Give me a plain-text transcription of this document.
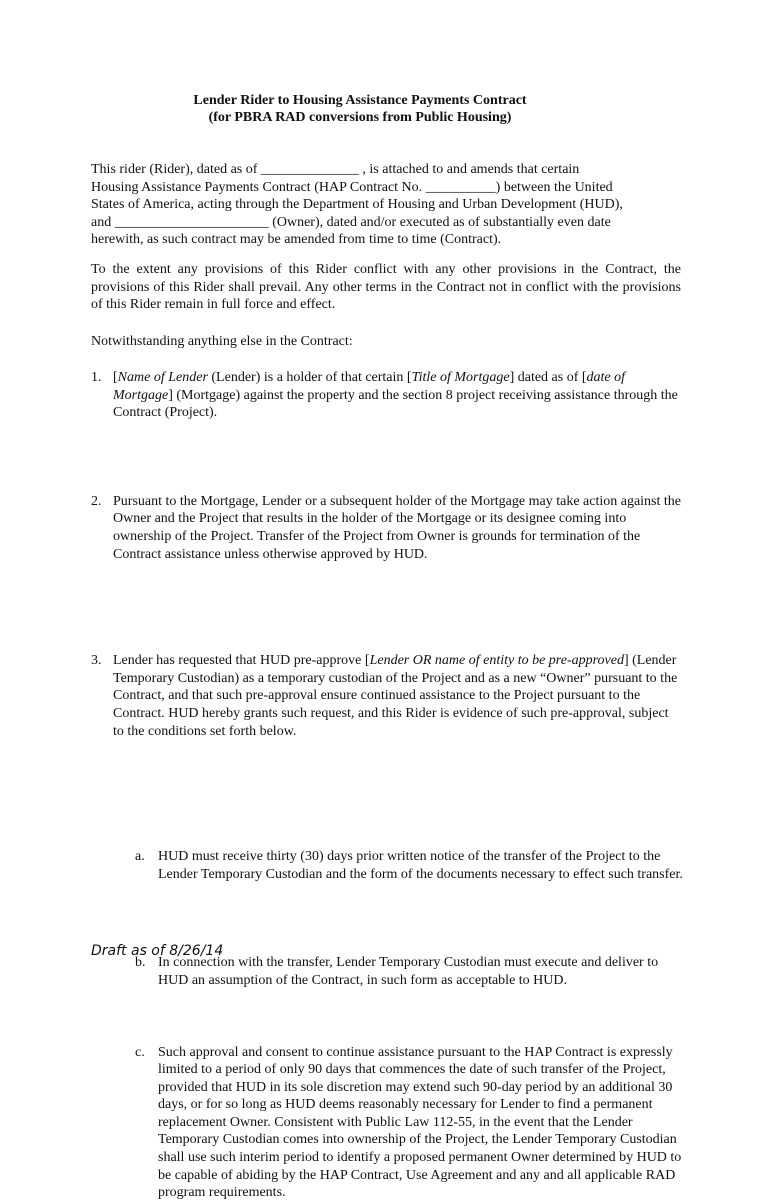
Lender Rider to Housing Assistance Payments Contract
(for PBRA RAD conversions from Public Housing)
This rider (Rider), dated as of ______________ , is attached to and amends that certain
Housing Assistance Payments Contract (HAP Contract No. __________) between the United
States of America, acting through the Department of Housing and Urban Development (HUD),
and ______________________ (Owner), dated and/or executed as of substantially even date
herewith, as such contract may be amended from time to time (Contract).

To the extent any provisions of this Rider conflict with any other provisions in the Contract, the provisions of this Rider shall prevail. Any other terms in the Contract not in conflict with the provisions of this Rider remain in full force and effect.

Notwithstanding anything else in the Contract:

1. [Name of Lender (Lender) is a holder of that certain [Title of Mortgage] dated as of [date of Mortgage] (Mortgage) against the property and the section 8 project receiving assistance through the Contract (Project).
2. Pursuant to the Mortgage, Lender or a subsequent holder of the Mortgage may take action against the Owner and the Project that results in the holder of the Mortgage or its designee coming into ownership of the Project. Transfer of the Project from Owner is grounds for termination of the Contract assistance unless otherwise approved by HUD.
3. Lender has requested that HUD pre-approve [Lender OR name of entity to be pre-approved] (Lender Temporary Custodian) as a temporary custodian of the Project and as a new “Owner” pursuant to the Contract, and that such pre-approval ensure continued assistance to the Project pursuant to the Contract. HUD hereby grants such request, and this Rider is evidence of such pre-approval, subject to the conditions set forth below.
a. HUD must receive thirty (30) days prior written notice of the transfer of the Project to the Lender Temporary Custodian and the form of the documents necessary to effect such transfer.
b. In connection with the transfer, Lender Temporary Custodian must execute and deliver to HUD an assumption of the Contract, in such form as acceptable to HUD.
c. Such approval and consent to continue assistance pursuant to the HAP Contract is expressly limited to a period of only 90 days that commences the date of such transfer of the Project, provided that HUD in its sole discretion may extend such 90-day period by an additional 30 days, or for so long as HUD deems reasonably necessary for Lender to find a permanent replacement Owner. Consistent with Public Law 112-55, in the event that the Lender Temporary Custodian comes into ownership of the Project, the Lender Temporary Custodian shall use such interim period to identify a proposed permanent Owner determined by HUD to be capable of abiding by the HAP Contract, Use Agreement and any and all applicable RAD program requirements.
Draft as of 8/26/14
